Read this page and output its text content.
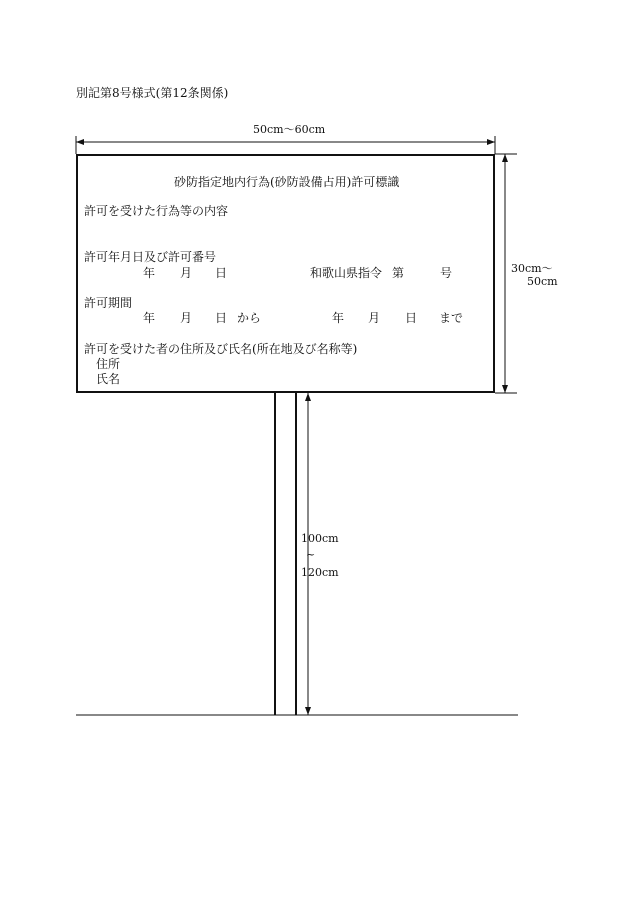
別記第8号様式(第12条関係)
50cm〜60cm
30cm〜
50cm
100cm
~
120cm
砂防指定地内行為(砂防設備占用)許可標識
許可を受けた行為等の内容
許可年月日及び許可番号
年 月 日	和歌山県指令 第	号
許可期間
年 月 日 から	年 月 日 まで
許可を受けた者の住所及び氏名(所在地及び名称等)
住所
氏名
